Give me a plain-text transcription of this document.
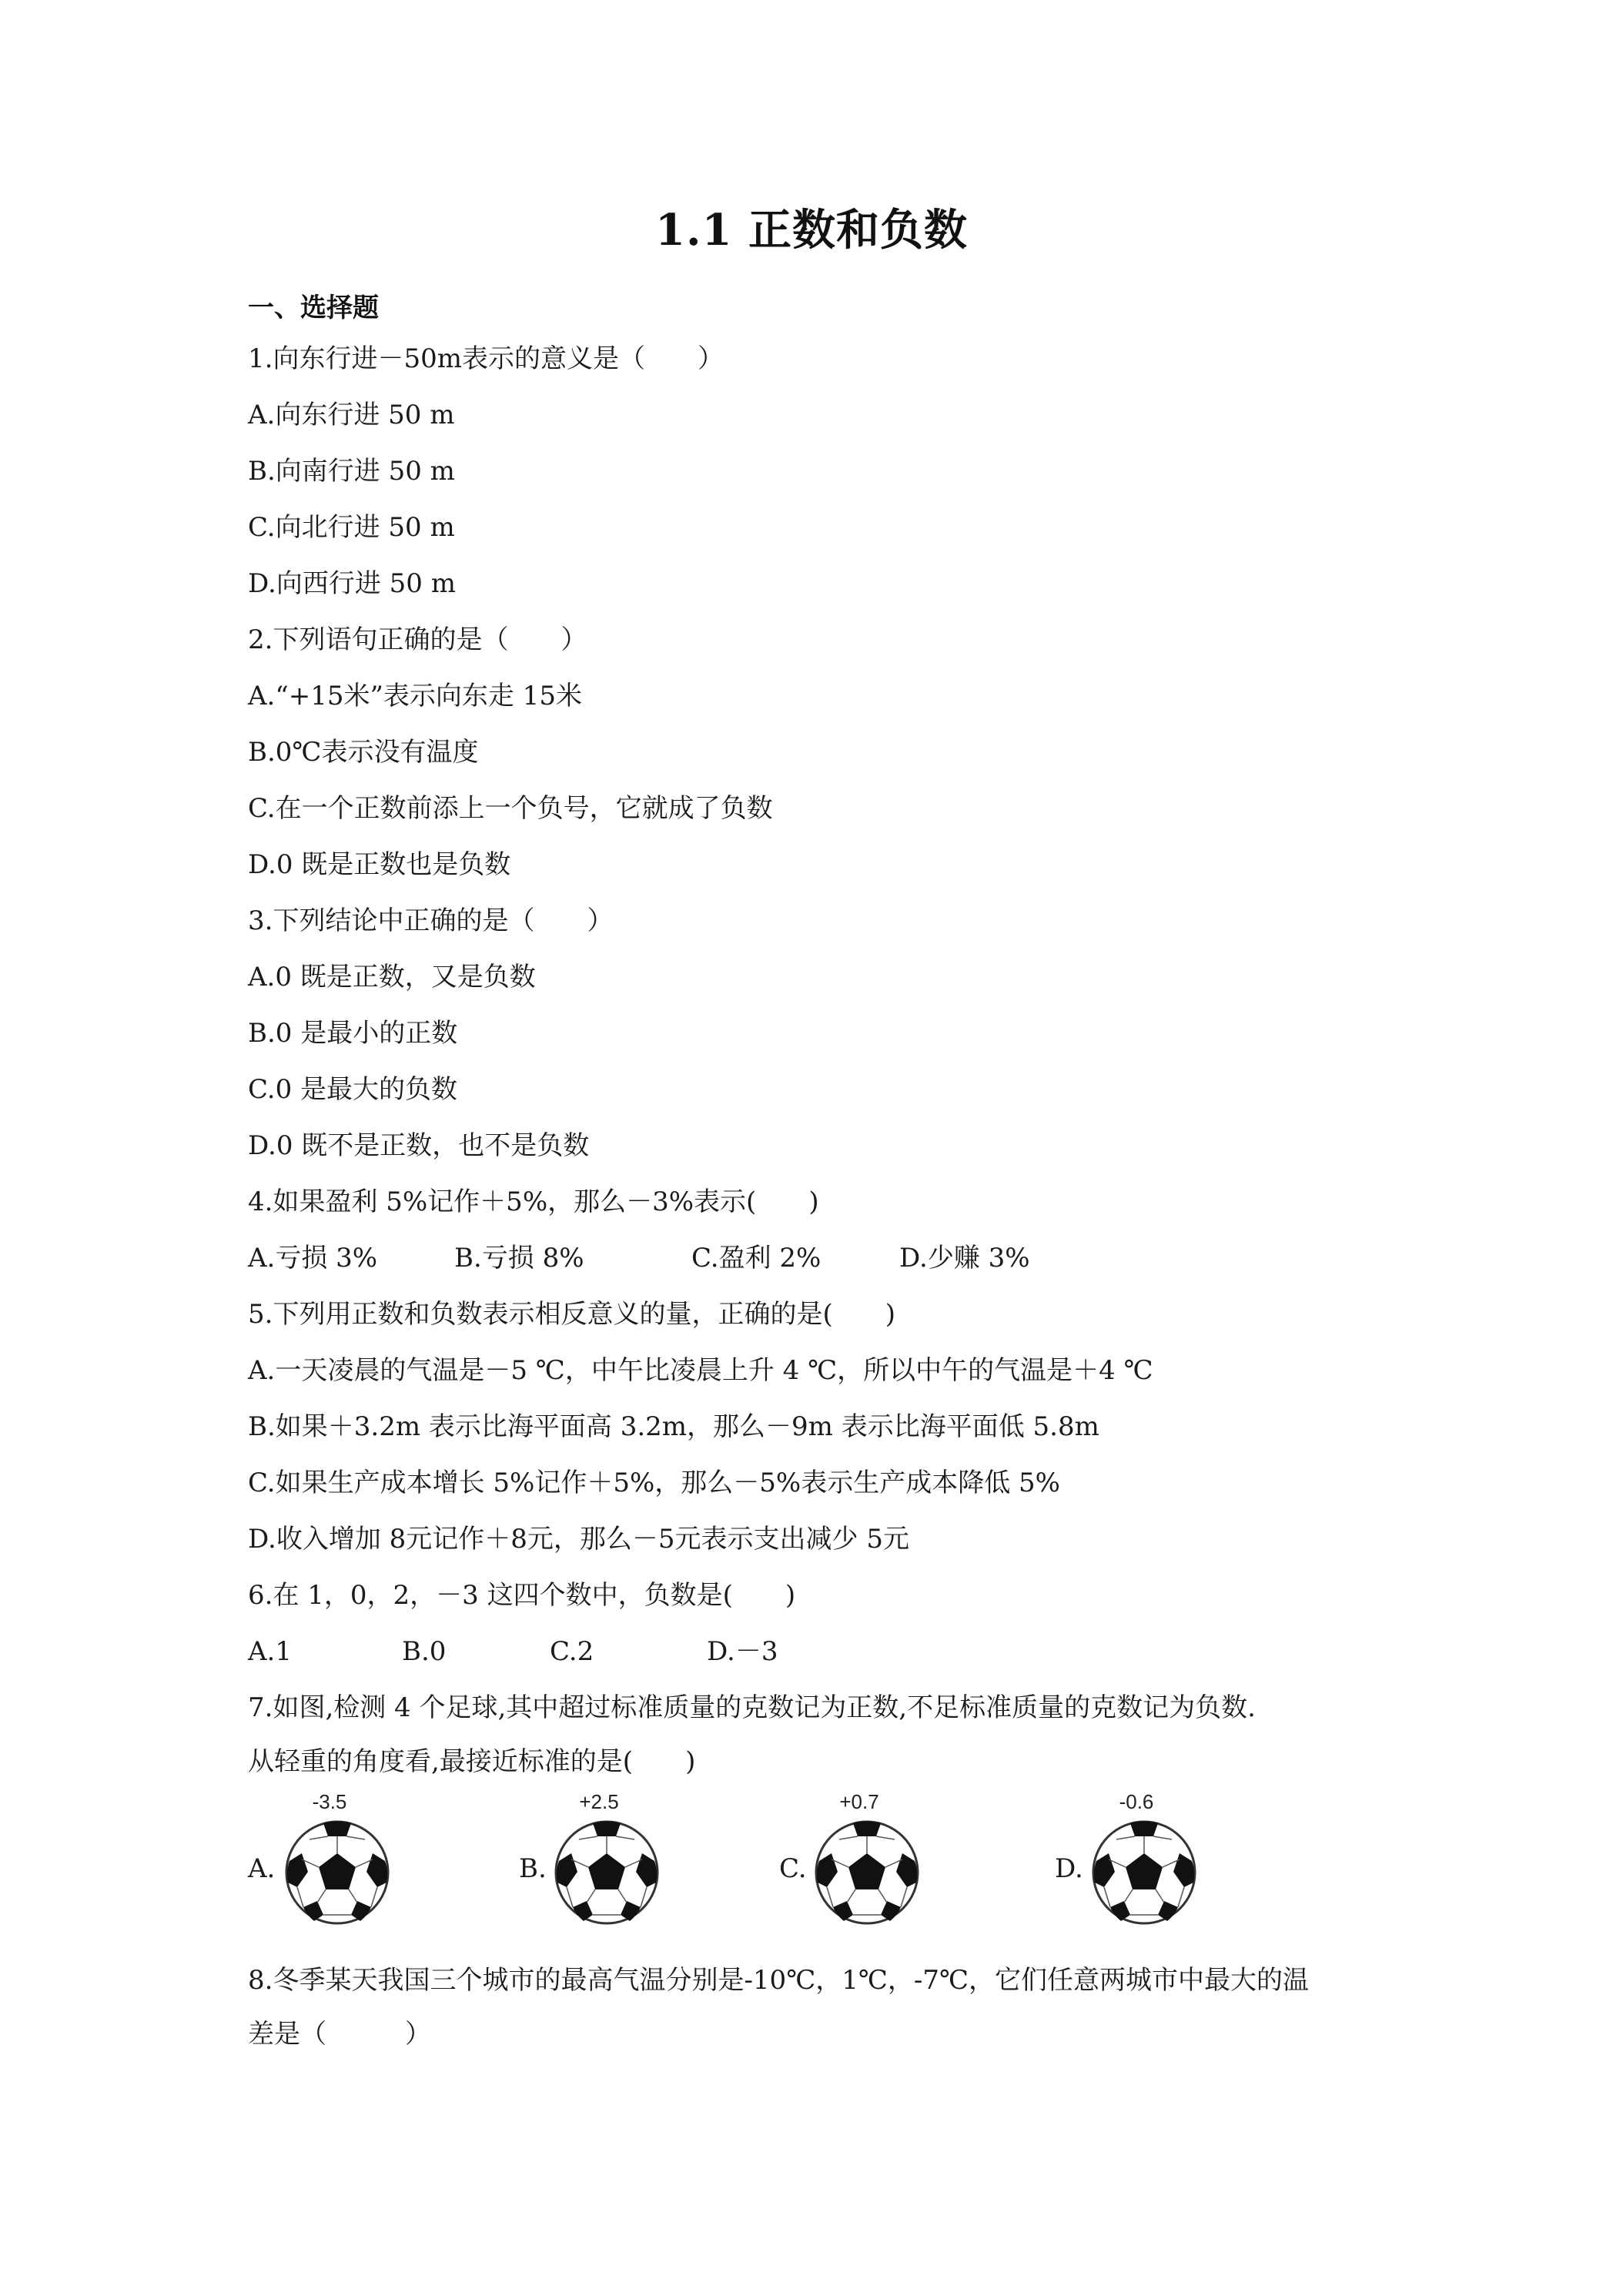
1.1 正数和负数
一、选择题
1.向东行进－50m表示的意义是（　　）
A.向东行进 50 m
B.向南行进 50 m
C.向北行进 50 m
D.向西行进 50 m
2.下列语句正确的是（　　）
A.“+15米”表示向东走 15米
B.0℃表示没有温度
C.在一个正数前添上一个负号，它就成了负数
D.0 既是正数也是负数
3.下列结论中正确的是（　　）
A.0 既是正数，又是负数
B.0 是最小的正数
C.0 是最大的负数
D.0 既不是正数，也不是负数
4.如果盈利 5%记作＋5%，那么－3%表示(　　)
A.亏损 3%	B.亏损 8%	C.盈利 2%	D.少赚 3%
5.下列用正数和负数表示相反意义的量，正确的是(　　)
A.一天凌晨的气温是－5 ℃，中午比凌晨上升 4 ℃，所以中午的气温是＋4 ℃
B.如果＋3.2m 表示比海平面高 3.2m，那么－9m 表示比海平面低 5.8m
C.如果生产成本增长 5%记作＋5%，那么－5%表示生产成本降低 5%
D.收入增加 8元记作＋8元，那么－5元表示支出减少 5元
6.在 1，0，2，－3 这四个数中，负数是(　　)
A.1	B.0	C.2	D.－3
7.如图,检测 4 个足球,其中超过标准质量的克数记为正数,不足标准质量的克数记为负数.
从轻重的角度看,最接近标准的是(　　)
A.
-3.5
B.
+2.5
C.
+0.7
D.
-0.6
8.冬季某天我国三个城市的最高气温分别是-10℃，1℃，-7℃，它们任意两城市中最大的温
差是（　　　）
